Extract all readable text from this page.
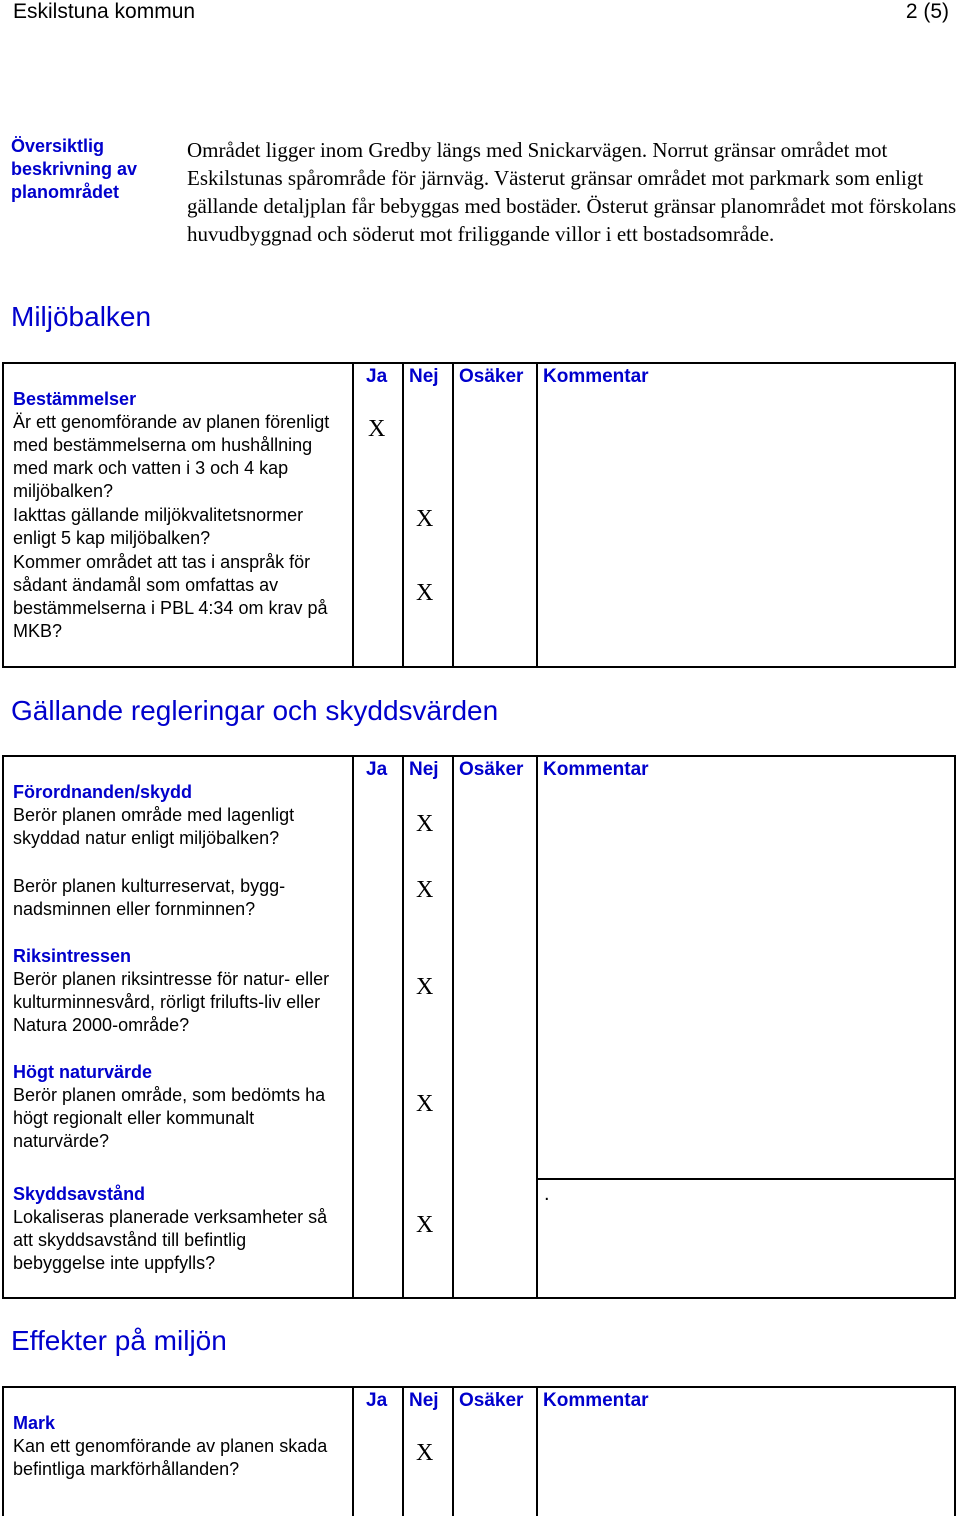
Eskilstuna kommun	2 (5)
Översiktlig beskrivning av planområdet
Området ligger inom Gredby längs med Snickarvägen. Norrut gränsar området mot Eskilstunas spårområde för järnväg. Västerut gränsar området mot parkmark som enligt gällande detaljplan får bebyggas med bostäder. Österut gränsar planområdet mot förskolans huvudbyggnad och söderut mot friliggande villor i ett bostadsområde.
Miljöbalken
Ja Nej Osäker Kommentar
Bestämmelser
Är ett genomförande av planen förenligt med bestämmelserna om hushållning med mark och vatten i 3 och 4 kap miljöbalken?
Iakttas gällande miljökvalitetsnormer enligt 5 kap miljöbalken?
Kommer området att tas i anspråk för sådant ändamål som omfattas av bestämmelserna i PBL 4:34 om krav på MKB?
X
X
X
Gällande regleringar och skyddsvärden
Ja Nej Osäker Kommentar
Förordnanden/skydd
Berör planen område med lagenligt skyddad natur enligt miljöbalken?
Berör planen kulturreservat, bygg-nadsminnen eller fornminnen?
Riksintressen
Berör planen riksintresse för natur- eller kulturminnesvård, rörligt frilufts-liv eller Natura 2000-område?
Högt naturvärde
Berör planen område, som bedömts ha högt regionalt eller kommunalt naturvärde?
Skyddsavstånd
Lokaliseras planerade verksamheter så att skyddsavstånd till befintlig bebyggelse inte uppfylls?
X
X
X
X
X
.
Effekter på miljön
Ja Nej Osäker Kommentar
Mark
Kan ett genomförande av planen skada befintliga markförhållanden?
X
